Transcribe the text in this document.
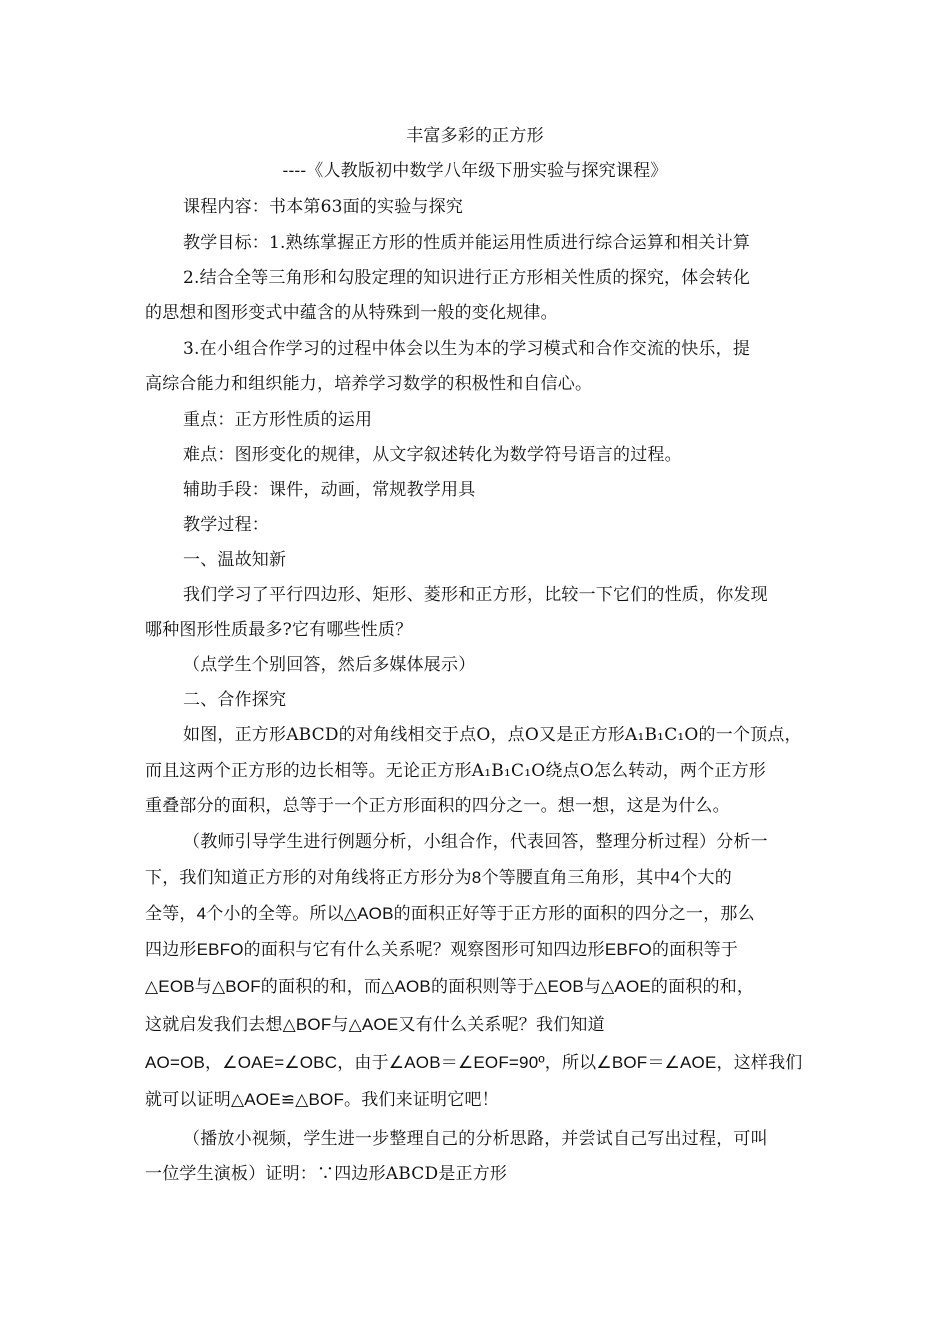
丰富多彩的正方形
----《人教版初中数学八年级下册实验与探究课程》
课程内容：书本第63面的实验与探究
教学目标：1.熟练掌握正方形的性质并能运用性质进行综合运算和相关计算
2.结合全等三角形和勾股定理的知识进行正方形相关性质的探究，体会转化
的思想和图形变式中蕴含的从特殊到一般的变化规律。
3.在小组合作学习的过程中体会以生为本的学习模式和合作交流的快乐，提
高综合能力和组织能力，培养学习数学的积极性和自信心。
重点：正方形性质的运用
难点：图形变化的规律，从文字叙述转化为数学符号语言的过程。
辅助手段：课件，动画，常规教学用具
教学过程：
一、温故知新
我们学习了平行四边形、矩形、菱形和正方形，比较一下它们的性质，你发现
哪种图形性质最多?它有哪些性质？
（点学生个别回答，然后多媒体展示）
二、合作探究
如图，正方形ABCD的对角线相交于点O，点O又是正方形A₁B₁C₁O的一个顶点，
而且这两个正方形的边长相等。无论正方形A₁B₁C₁O绕点O怎么转动，两个正方形
重叠部分的面积，总等于一个正方形面积的四分之一。想一想，这是为什么。
（教师引导学生进行例题分析，小组合作，代表回答，整理分析过程）分析一
下，我们知道正方形的对角线将正方形分为8个等腰直角三角形，其中4个大的
全等，4个小的全等。所以△AOB的面积正好等于正方形的面积的四分之一，那么
四边形EBFO的面积与它有什么关系呢？观察图形可知四边形EBFO的面积等于
△EOB与△BOF的面积的和，而△AOB的面积则等于△EOB与△AOE的面积的和，
这就启发我们去想△BOF与△AOE又有什么关系呢？我们知道
AO=OB，∠OAE=∠OBC，由于∠AOB＝∠EOF=90º，所以∠BOF＝∠AOE，这样我们
就可以证明△AOE≌△BOF。我们来证明它吧！
（播放小视频，学生进一步整理自己的分析思路，并尝试自己写出过程，可叫
一位学生演板）证明：∵四边形ABCD是正方形
